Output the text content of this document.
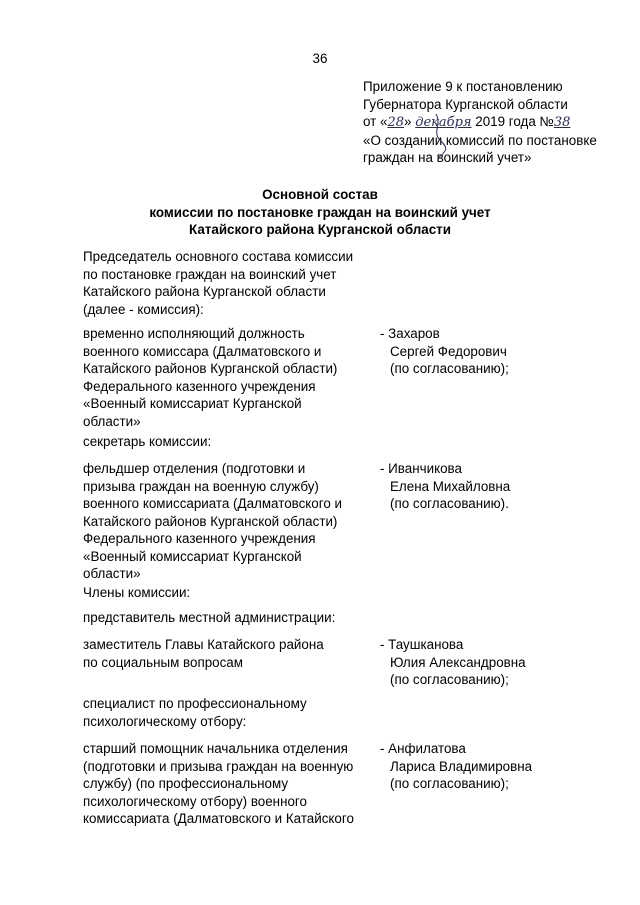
36
Приложение 9 к постановлению
Губернатора Курганской области
от «28» декабря 2019 года №38
«О создании комиссий по постановке
граждан на воинский учет»
Основной состав
комиссии по постановке граждан на воинский учет
Катайского района Курганской области
Председатель основного состава комиссии
по постановке граждан на воинский учет
Катайского района Курганской области
(далее - комиссия):
временно исполняющий должность
военного комиссара (Далматовского и
Катайского районов Курганской области)
Федерального казенного учреждения
«Военный комиссариат Курганской
области»
- Захаров
Сергей Федорович
(по согласованию);
секретарь комиссии:
фельдшер отделения (подготовки и
призыва граждан на военную службу)
военного комиссариата (Далматовского и
Катайского районов Курганской области)
Федерального казенного учреждения
«Военный комиссариат Курганской
области»
- Иванчикова
Елена Михайловна
(по согласованию).
Члены комиссии:
представитель местной администрации:
заместитель Главы Катайского района
по социальным вопросам
- Таушканова
Юлия Александровна
(по согласованию);
специалист по профессиональному
психологическому отбору:
старший помощник начальника отделения
(подготовки и призыва граждан на военную
службу) (по профессиональному
психологическому отбору) военного
комиссариата (Далматовского и Катайского
- Анфилатова
Лариса Владимировна
(по согласованию);
